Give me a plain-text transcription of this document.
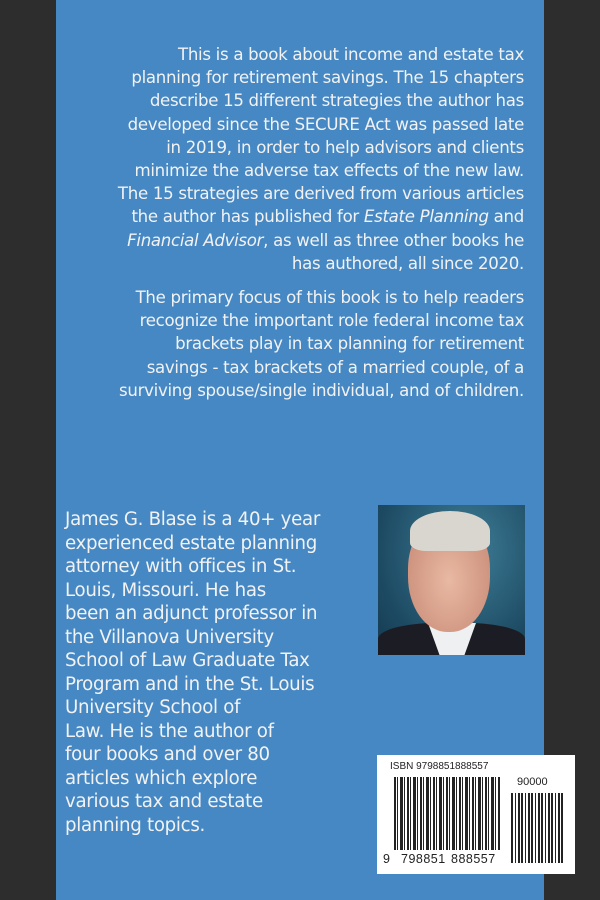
This is a book about income and estate tax
planning for retirement savings. The 15 chapters
describe 15 different strategies the author has
developed since the SECURE Act was passed late
in 2019, in order to help advisors and clients
minimize the adverse tax effects of the new law.
The 15 strategies are derived from various articles
the author has published for Estate Planning and
Financial Advisor, as well as three other books he
has authored, all since 2020.
The primary focus of this book is to help readers
recognize the important role federal income tax
brackets play in tax planning for retirement
savings - tax brackets of a married couple, of a
surviving spouse/single individual, and of children.
James G. Blase is a 40+ year
experienced estate planning
attorney with offices in St.
Louis, Missouri. He has
been an adjunct professor in
the Villanova University
School of Law Graduate Tax
Program and in the St. Louis
University School of
Law. He is the author of
four books and over 80
articles which explore
various tax and estate
planning topics.
ISBN 9798851888557
90000
9 798851 888557
